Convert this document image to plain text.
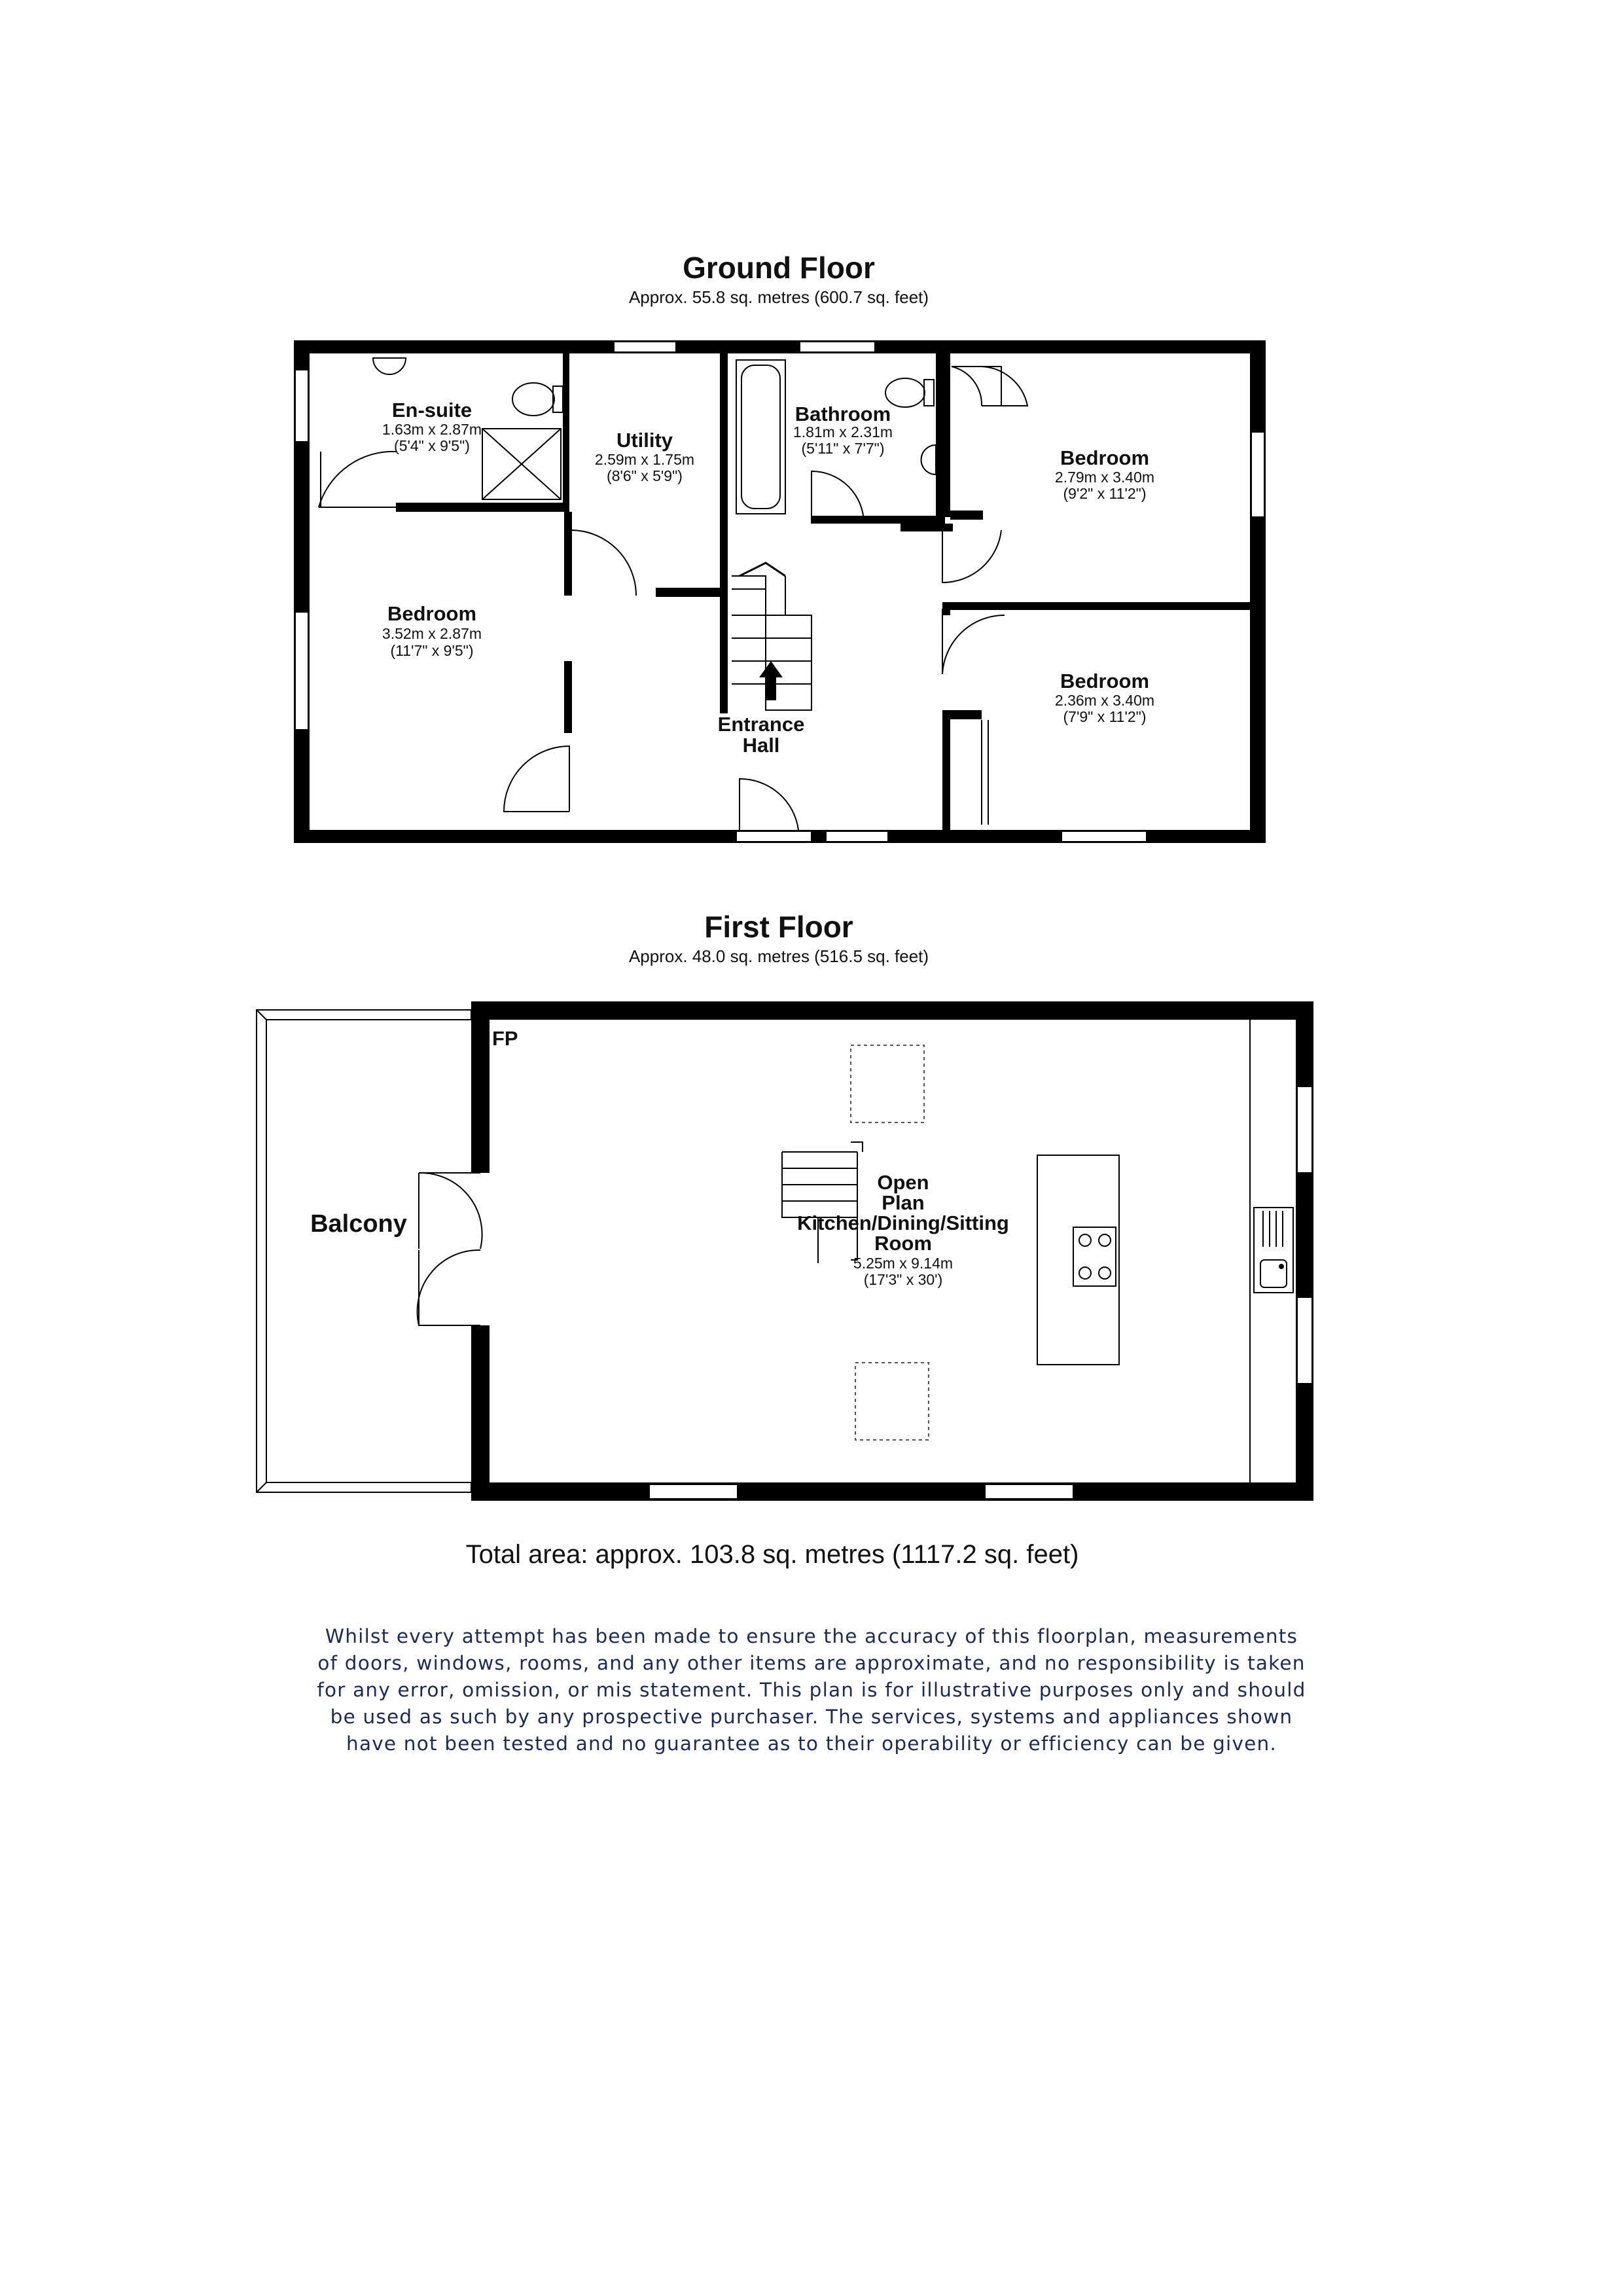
Ground Floor
Approx. 55.8 sq. metres (600.7 sq. feet)
En-suite
1.63m x 2.87m
(5'4" x 9'5")	Utility
2.59m x 1.75m
(8'6" x 5'9")
Bathroom
1.81m x 2.31m
(5'11" x 7'7")	Bedroom
2.79m x 3.40m
(9'2" x 11'2")
Bedroom
3.52m x 2.87m
(11'7" x 9'5")
Bedroom
2.36m x 3.40m
(7'9" x 11'2")
Entrance
Hall
First Floor
Approx. 48.0 sq. metres (516.5 sq. feet)
FP
Balcony
Open
Plan
Kitchen/Dining/Sitting
Room
5.25m x 9.14m
(17'3" x 30')
Total area: approx. 103.8 sq. metres (1117.2 sq. feet)
Whilst every attempt has been made to ensure the accuracy of this floorplan, measurements
of doors, windows, rooms, and any other items are approximate, and no responsibility is taken
for any error, omission, or mis statement. This plan is for illustrative purposes only and should
be used as such by any prospective purchaser. The services, systems and appliances shown
have not been tested and no guarantee as to their operability or efficiency can be given.
